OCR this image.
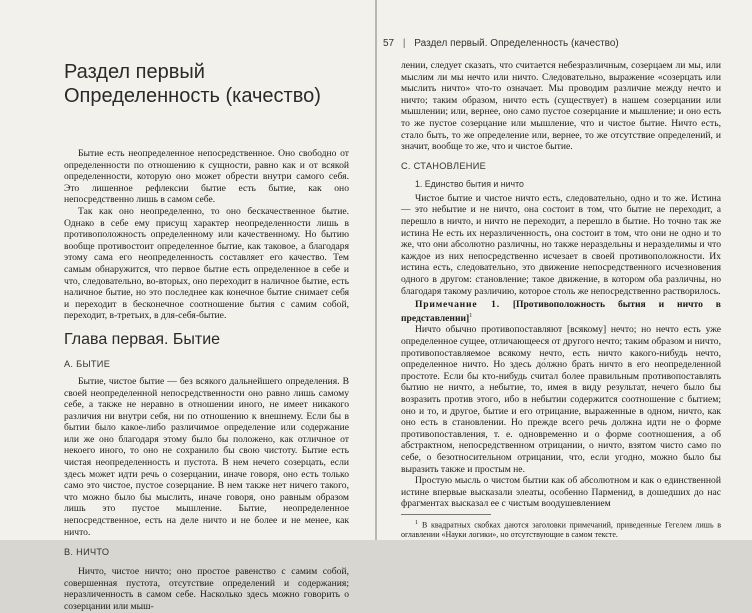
Раздел первый
Определенность (качество)

Бытие есть неопределенное непосредственное. Оно свободно от определенности по отношению к сущности, равно как и от всякой определенности, которую оно может обрести внутри самого себя. Это лишенное рефлексии бытие есть бытие, как оно непосредственно лишь в самом себе.

Так как оно неопределенно, то оно бескачественное бытие. Однако в себе ему присущ характер неопределенности лишь в противоположность определенному или качественному. Но бытию вообще противостоит определенное бытие, как таковое, а благодаря этому сама его неопределенность составляет его качество. Тем самым обнаружится, что первое бытие есть определенное в себе и что, следовательно, во-вторых, оно переходит в наличное бытие, есть наличное бытие, но это последнее как конечное бытие снимает себя и переходит в бесконечное соотношение бытия с самим собой, переходит, в-третьих, в для-себя-бытие.

Глава первая. Бытие
А. БЫТИЕ

Бытие, чистое бытие — без всякого дальнейшего определения. В своей неопределенной непосредственности оно равно лишь самому себе, а также не неравно в отношении иного, не имеет никакого различия ни внутри себя, ни по отношению к внешнему. Если бы в бытии было какое-либо различимое определение или содержание или же оно благодаря этому было бы положено, как отличное от некоего иного, то оно не сохранило бы свою чистоту. Бытие есть чистая неопределенность и пустота. В нем нечего созерцать, если здесь может идти речь о созерцании, иначе говоря, оно есть только само это чистое, пустое созерцание. В нем также нет ничего такого, что можно было бы мыслить, иначе говоря, оно равным образом лишь это пустое мышление. Бытие, неопределенное непосредственное, есть на деле ничто и не более и не менее, как ничто.

В. НИЧТО

Ничто, чистое ничто; оно простое равенство с самим собой, совершенная пустота, отсутствие определений и содержания; неразличенность в самом себе. Насколько здесь можно говорить о созерцании или мыш-

57 | Раздел первый. Определенность (качество)

лении, следует сказать, что считается небезразличным, созерцаем ли мы, или мыслим ли мы нечто или ничто. Следовательно, выражение «созерцать или мыслить ничто» что-то означает. Мы проводим различие между нечто и ничто; таким образом, ничто есть (существует) в нашем созерцании или мышлении; или, вернее, оно само пустое созерцание и мышление; и оно есть то же пустое созерцание или мышление, что и чистое бытие. Ничто есть, стало быть, то же определение или, вернее, то же отсутствие определений, и значит, вообще то же, что и чистое бытие.

С. СТАНОВЛЕНИЕ
1. Единство бытия и ничто

Чистое бытие и чистое ничто есть, следовательно, одно и то же. Истина — это небытие и не ничто, она состоит в том, что бытие не переходит, а перешло в ничто, и ничто не переходит, а перешло в бытие. Но точно так же истина Не есть их неразличенность, она состоит в том, что они не одно и то же, что они абсолютно различны, но также нераздельны и неразделимы и что каждое из них непосредственно исчезает в своей противоположности. Их истина есть, следовательно, это движение непосредственного исчезновения одного в другом: становление; такое движение, в котором оба различны, но благодаря такому различию, которое столь же непосредственно растворилось.

Примечание 1. [Противоположность бытия и ничто в представлении]$^1$

Ничто обычно противопоставляют [всякому] нечто; но нечто есть уже определенное сущее, отличающееся от другого нечто; таким образом и ничто, противопоставляемое всякому нечто, есть ничто какого-нибудь нечто, определенное ничто. Но здесь до́лжно брать ничто в его неопределенной простоте. Если бы кто-нибудь считал более правильным противопоставлять бытию не ничто, а небытие, то, имея в виду результат, нечего было бы возразить против этого, ибо в небытии содержится соотношение с бытием; оно и то, и другое, бытие и его отрицание, выраженные в одном, ничто, как оно есть в становлении. Но прежде всего речь должна идти не о форме противопоставления, т. е. одновременно и о форме соотношения, а об абстрактном, непосредственном отрицании, о ничто, взятом чисто само по себе, о безотносительном отрицании, что, если угодно, можно было бы выразить также и простым не.

Простую мысль о чистом бытии как об абсолютном и как о единственной истине впервые высказали элеаты, особенно Парменид, в дошедших до нас фрагментах высказал ее с чистым воодушевлением

$^1$ В квадратных скобках даются заголовки примечаний, приведенные Гегелем лишь в оглавлении «Науки логики», но отсутствующие в самом тексте.
